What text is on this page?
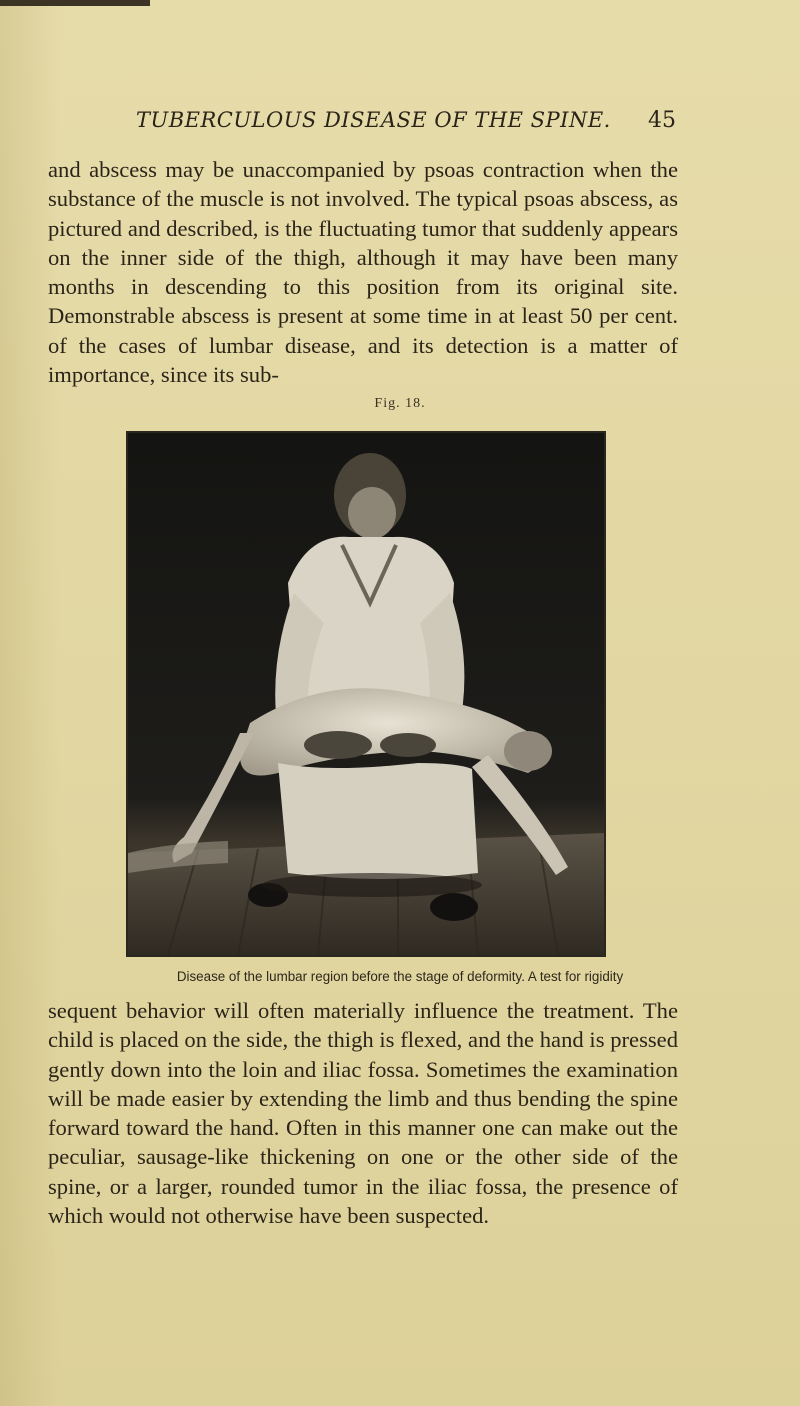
TUBERCULOUS DISEASE OF THE SPINE. 45

and abscess may be unaccompanied by psoas contraction when the substance of the muscle is not involved. The typical psoas abscess, as pictured and described, is the fluctuating tumor that suddenly appears on the inner side of the thigh, although it may have been many months in descending to this position from its original site. Demonstrable abscess is present at some time in at least 50 per cent. of the cases of lumbar disease, and its detection is a matter of importance, since its sub-

Fig. 18.
Disease of the lumbar region before the stage of deformity. A test for rigidity

sequent behavior will often materially influence the treatment. The child is placed on the side, the thigh is flexed, and the hand is pressed gently down into the loin and iliac fossa. Sometimes the examination will be made easier by extending the limb and thus bending the spine forward toward the hand. Often in this manner one can make out the peculiar, sausage-like thickening on one or the other side of the spine, or a larger, rounded tumor in the iliac fossa, the presence of which would not otherwise have been suspected.
